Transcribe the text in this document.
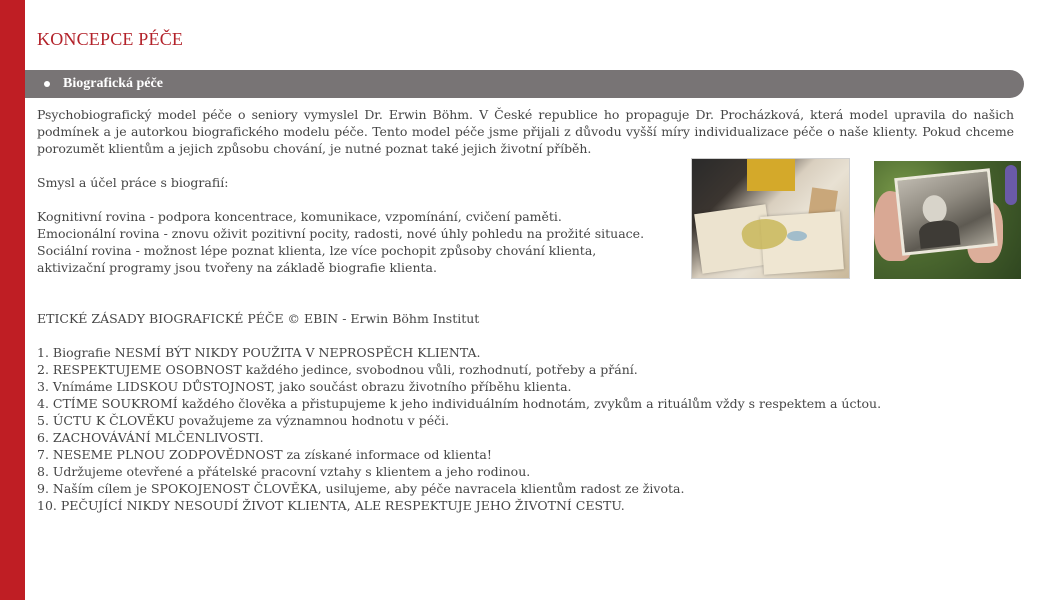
KONCEPCE PÉČE
Biografická péče

Psychobiografický model péče o seniory vymyslel Dr. Erwin Böhm. V České republice ho propaguje Dr. Procházková, která model upravila do našich podmínek a je autorkou biografického modelu péče. Tento model péče jsme přijali z důvodu vyšší míry individualizace péče o naše klienty. Pokud chceme porozumět klientům a jejich způsobu chování, je nutné poznat také jejich životní příběh.

Smysl a účel práce s biografií:
Kognitivní rovina - podpora koncentrace, komunikace, vzpomínání, cvičení paměti.
Emocionální rovina - znovu oživit pozitivní pocity, radosti, nové úhly pohledu na prožité situace.
Sociální rovina - možnost lépe poznat klienta, lze více pochopit způsoby chování klienta, aktivizační programy jsou tvořeny na základě biografie klienta.
ETICKÉ ZÁSADY BIOGRAFICKÉ PÉČE © EBIN - Erwin Böhm Institut
1. Biografie NESMÍ BÝT NIKDY POUŽITA V NEPROSPĚCH KLIENTA.
2. RESPEKTUJEME OSOBNOST každého jedince, svobodnou vůli, rozhodnutí, potřeby a přání.
3. Vnímáme LIDSKOU DŮSTOJNOST, jako součást obrazu životního příběhu klienta.
4. CTÍME SOUKROMÍ každého člověka a přistupujeme k jeho individuálním hodnotám, zvykům a rituálům vždy s respektem a úctou.
5. ÚCTU K ČLOVĚKU považujeme za významnou hodnotu v péči.
6. ZACHOVÁVÁNÍ MLČENLIVOSTI.
7. NESEME PLNOU ZODPOVĚDNOST za získané informace od klienta!
8. Udržujeme otevřené a přátelské pracovní vztahy s klientem a jeho rodinou.
9. Naším cílem je SPOKOJENOST ČLOVĚKA, usilujeme, aby péče navracela klientům radost ze života.
10. PEČUJÍCÍ NIKDY NESOUDÍ ŽIVOT KLIENTA, ALE RESPEKTUJE JEHO ŽIVOTNÍ CESTU.
